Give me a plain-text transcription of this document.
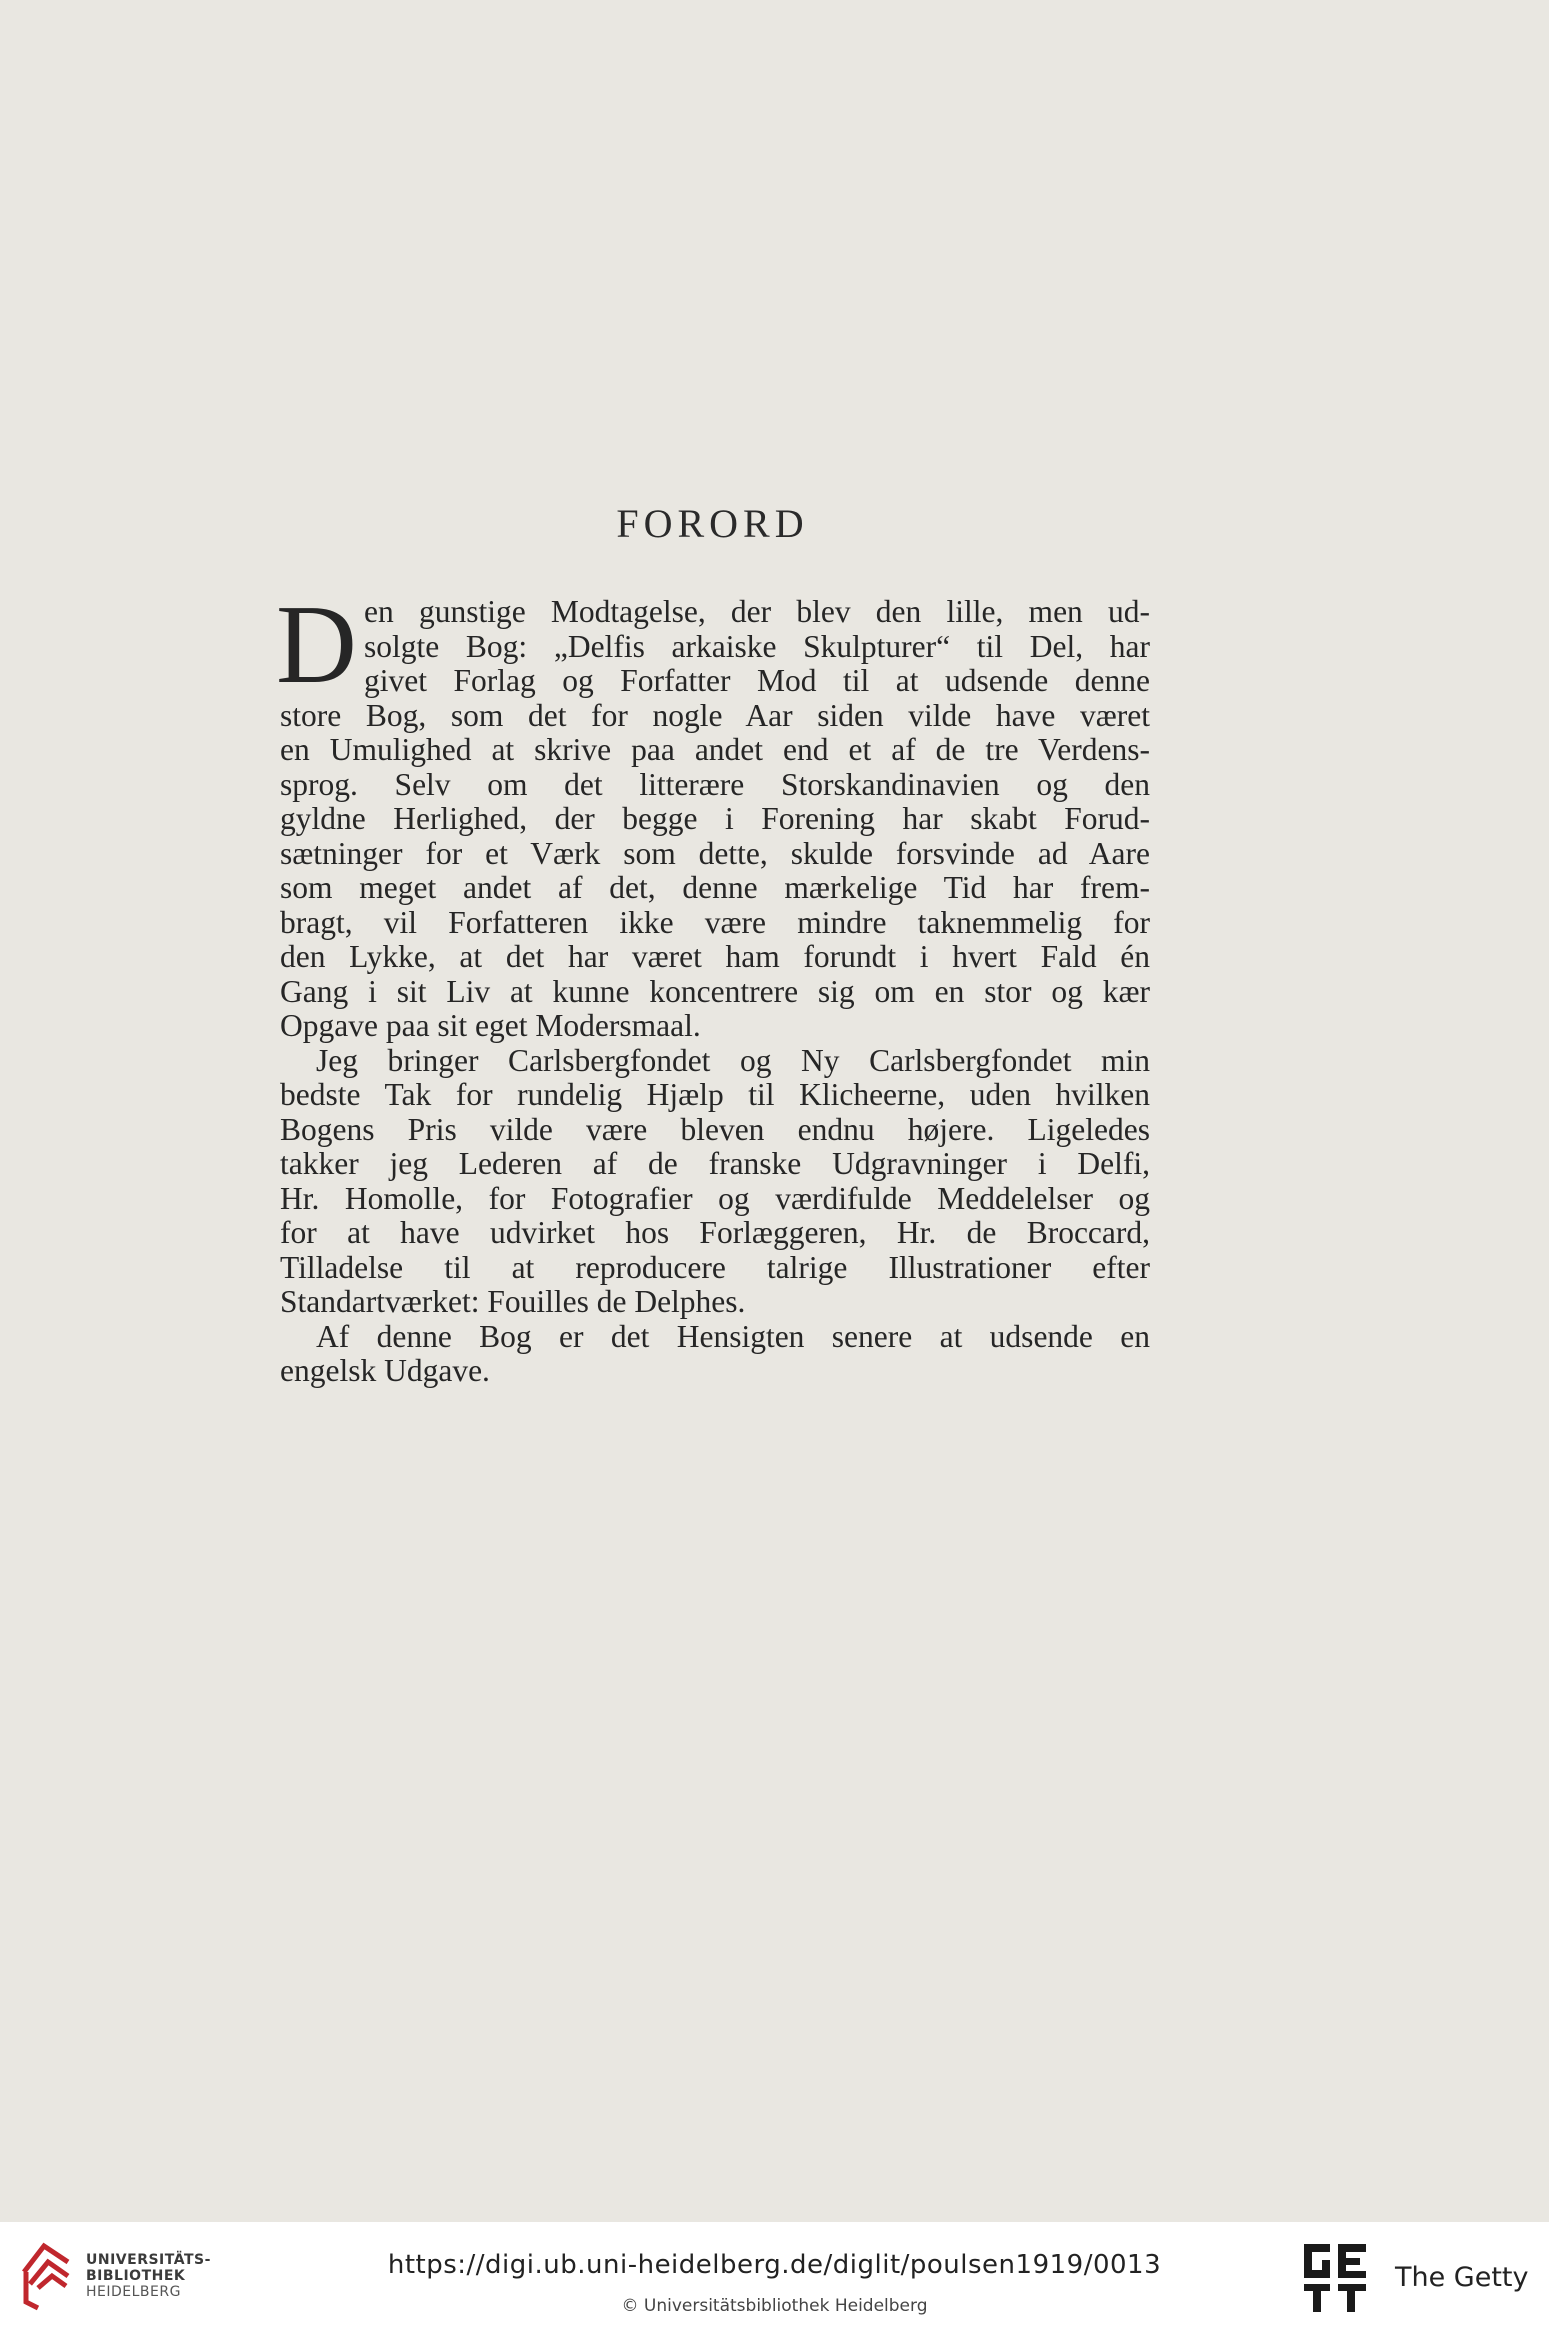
FORORD
D en gunstige Modtagelse, der blev den lille, men ud-
solgte Bog: „Delfis arkaiske Skulpturer“ til Del, har
givet Forlag og Forfatter Mod til at udsende denne
store Bog, som det for nogle Aar siden vilde have været
en Umulighed at skrive paa andet end et af de tre Verdens-
sprog. Selv om det litterære Storskandinavien og den
gyldne Herlighed, der begge i Forening har skabt Forud-
sætninger for et Værk som dette, skulde forsvinde ad Aare
som meget andet af det, denne mærkelige Tid har frem-
bragt, vil Forfatteren ikke være mindre taknemmelig for
den Lykke, at det har været ham forundt i hvert Fald én
Gang i sit Liv at kunne koncentrere sig om en stor og kær
Opgave paa sit eget Modersmaal.
Jeg bringer Carlsbergfondet og Ny Carlsbergfondet min
bedste Tak for rundelig Hjælp til Klicheerne, uden hvilken
Bogens Pris vilde være bleven endnu højere. Ligeledes
takker jeg Lederen af de franske Udgravninger i Delfi,
Hr. Homolle, for Fotografier og værdifulde Meddelelser og
for at have udvirket hos Forlæggeren, Hr. de Broccard,
Tilladelse til at reproducere talrige Illustrationer efter
Standartværket: Fouilles de Delphes.
Af denne Bog er det Hensigten senere at udsende en
engelsk Udgave.
UNIVERSITÄTS-
BIBLIOTHEK
HEIDELBERG
https://digi.ub.uni-heidelberg.de/diglit/poulsen1919/0013
© Universitätsbibliothek Heidelberg
The Getty
